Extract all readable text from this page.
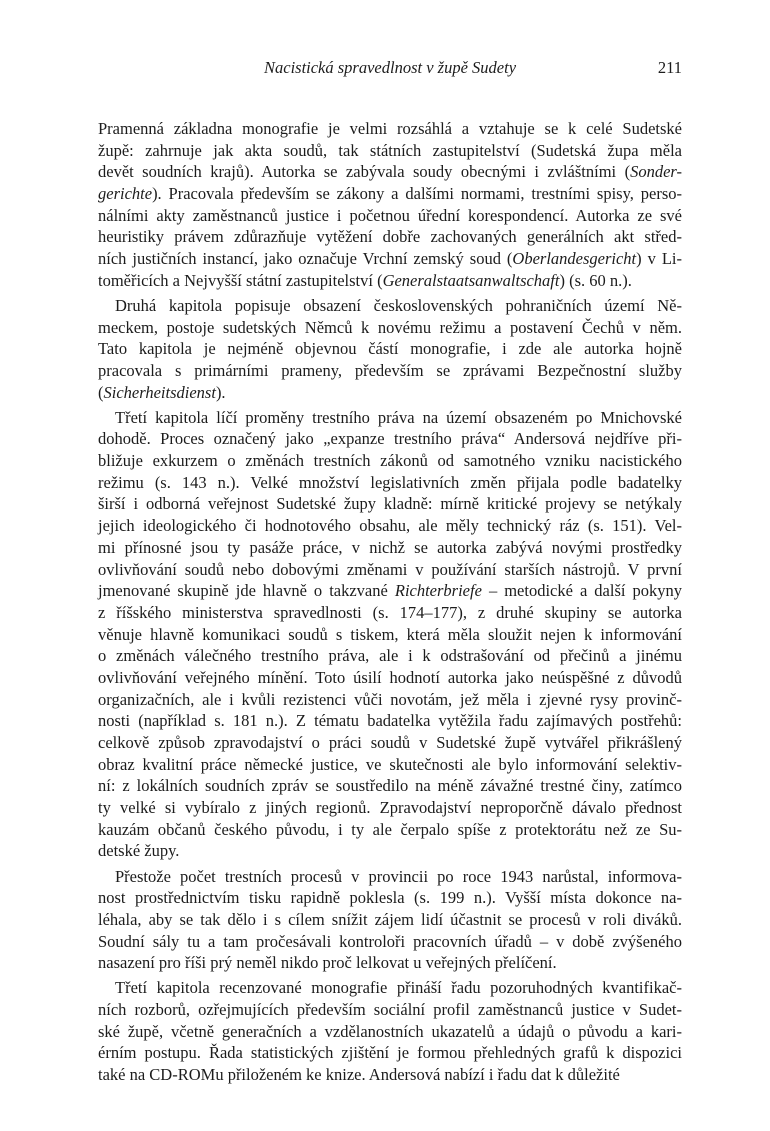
Nacistická spravedlnost v župě Sudety	211
Pramenná základna monografie je velmi rozsáhlá a vztahuje se k celé Sudetské
župě: zahrnuje jak akta soudů, tak státních zastupitelství (Sudetská župa měla
devět soudních krajů). Autorka se zabývala soudy obecnými i zvláštními (Sonder-
gerichte). Pracovala především se zákony a dalšími normami, trestními spisy, perso-
nálními akty zaměstnanců justice i početnou úřední korespondencí. Autorka ze své
heuristiky právem zdůrazňuje vytěžení dobře zachovaných generálních akt střed-
ních justičních instancí, jako označuje Vrchní zemský soud (Oberlandesgericht) v Li-
toměřicích a Nejvyšší státní zastupitelství (Generalstaatsanwaltschaft) (s. 60 n.).
Druhá kapitola popisuje obsazení československých pohraničních území Ně-
meckem, postoje sudetských Němců k novému režimu a postavení Čechů v něm.
Tato kapitola je nejméně objevnou částí monografie, i zde ale autorka hojně
pracovala s primárními prameny, především se zprávami Bezpečnostní služby
(Sicherheitsdienst).
Třetí kapitola líčí proměny trestního práva na území obsazeném po Mnichovské
dohodě. Proces označený jako „expanze trestního práva“ Andersová nejdříve při-
bližuje exkurzem o změnách trestních zákonů od samotného vzniku nacistického
režimu (s. 143 n.). Velké množství legislativních změn přijala podle badatelky
širší i odborná veřejnost Sudetské župy kladně: mírně kritické projevy se netýkaly
jejich ideologického či hodnotového obsahu, ale měly technický ráz (s. 151). Vel-
mi přínosné jsou ty pasáže práce, v nichž se autorka zabývá novými prostředky
ovlivňování soudů nebo dobovými změnami v používání starších nástrojů. V první
jmenované skupině jde hlavně o takzvané Richterbriefe – metodické a další pokyny
z říšského ministerstva spravedlnosti (s. 174–177), z druhé skupiny se autorka
věnuje hlavně komunikaci soudů s tiskem, která měla sloužit nejen k informování
o změnách válečného trestního práva, ale i k odstrašování od přečinů a jinému
ovlivňování veřejného mínění. Toto úsilí hodnotí autorka jako neúspěšné z důvodů
organizačních, ale i kvůli rezistenci vůči novotám, jež měla i zjevné rysy provinč-
nosti (například s. 181 n.). Z tématu badatelka vytěžila řadu zajímavých postřehů:
celkově způsob zpravodajství o práci soudů v Sudetské župě vytvářel přikrášlený
obraz kvalitní práce německé justice, ve skutečnosti ale bylo informování selektiv-
ní: z lokálních soudních zpráv se soustředilo na méně závažné trestné činy, zatímco
ty velké si vybíralo z jiných regionů. Zpravodajství neproporčně dávalo přednost
kauzám občanů českého původu, i ty ale čerpalo spíše z protektorátu než ze Su-
detské župy.
Přestože počet trestních procesů v provincii po roce 1943 narůstal, informova-
nost prostřednictvím tisku rapidně poklesla (s. 199 n.). Vyšší místa dokonce na-
léhala, aby se tak dělo i s cílem snížit zájem lidí účastnit se procesů v roli diváků.
Soudní sály tu a tam pročesávali kontroloři pracovních úřadů – v době zvýšeného
nasazení pro říši prý neměl nikdo proč lelkovat u veřejných přelíčení.
Třetí kapitola recenzované monografie přináší řadu pozoruhodných kvantifikač-
ních rozborů, ozřejmujících především sociální profil zaměstnanců justice v Sudet-
ské župě, včetně generačních a vzdělanostních ukazatelů a údajů o původu a kari-
érním postupu. Řada statistických zjištění je formou přehledných grafů k dispozici
také na CD-ROMu přiloženém ke knize. Andersová nabízí i řadu dat k důležité
